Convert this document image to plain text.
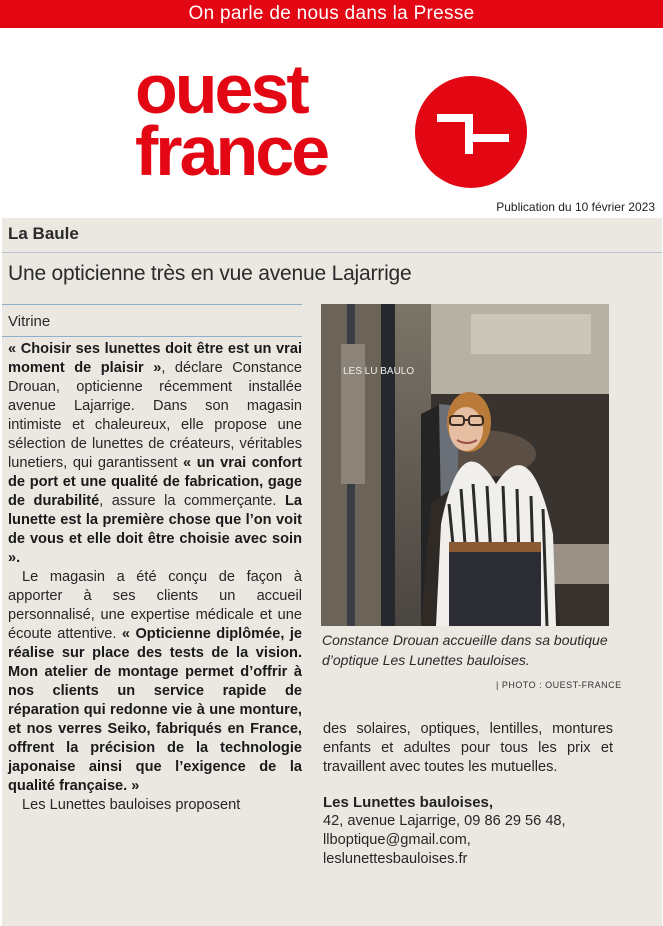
On parle de nous dans la Presse
ouest
france
Publication du 10 février 2023
La Baule
Une opticienne très en vue avenue Lajarrige
Vitrine

« Choisir ses lunettes doit être est un vrai moment de plaisir », déclare Constance Drouan, opticienne récemment installée avenue Lajarrige. Dans son magasin intimiste et chaleureux, elle propose une sélection de lunettes de créateurs, véritables lunetiers, qui garantissent « un vrai confort de port et une qualité de fabrication, gage de durabilité, assure la commerçante. La lunette est la première chose que l’on voit de vous et elle doit être choisie avec soin ».

Le magasin a été conçu de façon à apporter à ses clients un accueil personnalisé, une expertise médicale et une écoute attentive. « Opticienne diplômée, je réalise sur place des tests de la vision. Mon atelier de montage permet d’offrir à nos clients un service rapide de réparation qui redonne vie à une monture, et nos verres Seiko, fabriqués en France, offrent la précision de la technologie japonaise ainsi que l’exigence de la qualité française. »

Les Lunettes bauloises proposent

LES LU BAULO
Constance Drouan accueille dans sa boutique d’optique Les Lunettes bauloises.
| PHOTO : OUEST-FRANCE

des solaires, optiques, lentilles, montures enfants et adultes pour tous les prix et travaillent avec toutes les mutuelles.

Les Lunettes bauloises,

42, avenue Lajarrige, 09 86 29 56 48,

llboptique@gmail.com,

leslunettesbauloises.fr
